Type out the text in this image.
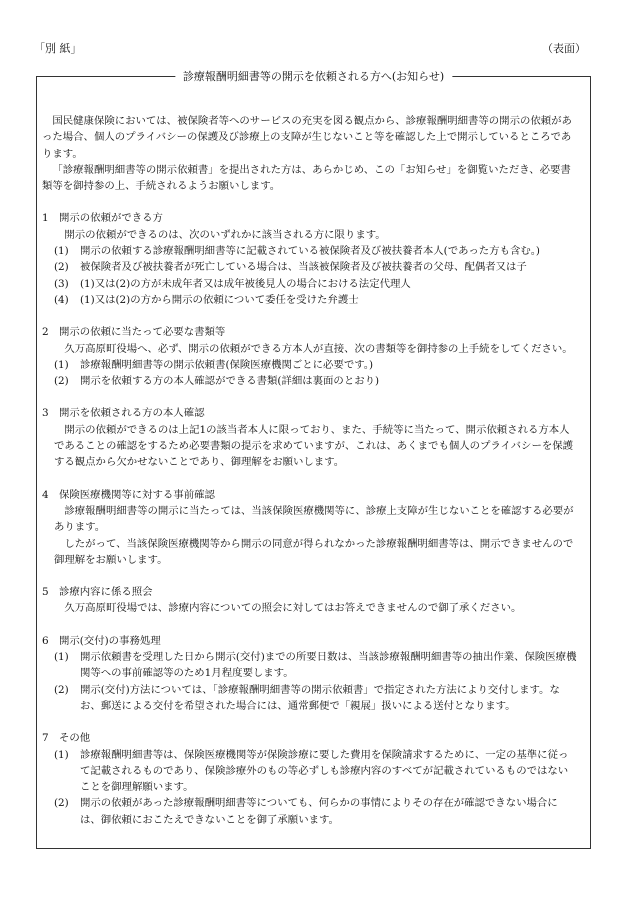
「別 紙」	（表面）
診療報酬明細書等の開示を依頼される方へ(お知らせ)

国民健康保険においては、被保険者等へのサービスの充実を図る観点から、診療報酬明細書等の開示の依頼があった場合、個人のプライバシーの保護及び診療上の支障が生じないこと等を確認した上で開示しているところであります。

「診療報酬明細書等の開示依頼書」を提出された方は、あらかじめ、この「お知らせ」を御覧いただき、必要書類等を御持参の上、手続されるようお願いします。

1　開示の依頼ができる方

開示の依頼ができるのは、次のいずれかに該当される方に限ります。

(1)	開示の依頼する診療報酬明細書等に記載されている被保険者及び被扶養者本人(であった方も含む。)
(2)	被保険者及び被扶養者が死亡している場合は、当該被保険者及び被扶養者の父母、配偶者又は子
(3)	(1)又は(2)の方が未成年者又は成年被後見人の場合における法定代理人
(4)	(1)又は(2)の方から開示の依頼について委任を受けた弁護士

2　開示の依頼に当たって必要な書類等

久万高原町役場へ、必ず、開示の依頼ができる方本人が直接、次の書類等を御持参の上手続をしてください。

(1)	診療報酬明細書等の開示依頼書(保険医療機関ごとに必要です。)
(2)	開示を依頼する方の本人確認ができる書類(詳細は裏面のとおり)

3　開示を依頼される方の本人確認

開示の依頼ができるのは上記1の該当者本人に限っており、また、手続等に当たって、開示依頼される方本人であることの確認をするため必要書類の提示を求めていますが、これは、あくまでも個人のプライバシーを保護する観点から欠かせないことであり、御理解をお願いします。

4　保険医療機関等に対する事前確認

診療報酬明細書等の開示に当たっては、当該保険医療機関等に、診療上支障が生じないことを確認する必要があります。

したがって、当該保険医療機関等から開示の同意が得られなかった診療報酬明細書等は、開示できませんので御理解をお願いします。

5　診療内容に係る照会

久万高原町役場では、診療内容についての照会に対してはお答えできませんので御了承ください。

6　開示(交付)の事務処理

(1)	開示依頼書を受理した日から開示(交付)までの所要日数は、当該診療報酬明細書等の抽出作業、保険医療機関等への事前確認等のため1月程度要します。
(2)	開示(交付)方法については、「診療報酬明細書等の開示依頼書」で指定された方法により交付します。なお、郵送による交付を希望された場合には、通常郵便で「親展」扱いによる送付となります。

7　その他

(1)	診療報酬明細書等は、保険医療機関等が保険診療に要した費用を保険請求するために、一定の基準に従って記載されるものであり、保険診療外のもの等必ずしも診療内容のすべてが記載されているものではないことを御理解願います。
(2)	開示の依頼があった診療報酬明細書等についても、何らかの事情によりその存在が確認できない場合には、御依頼におこたえできないことを御了承願います。
